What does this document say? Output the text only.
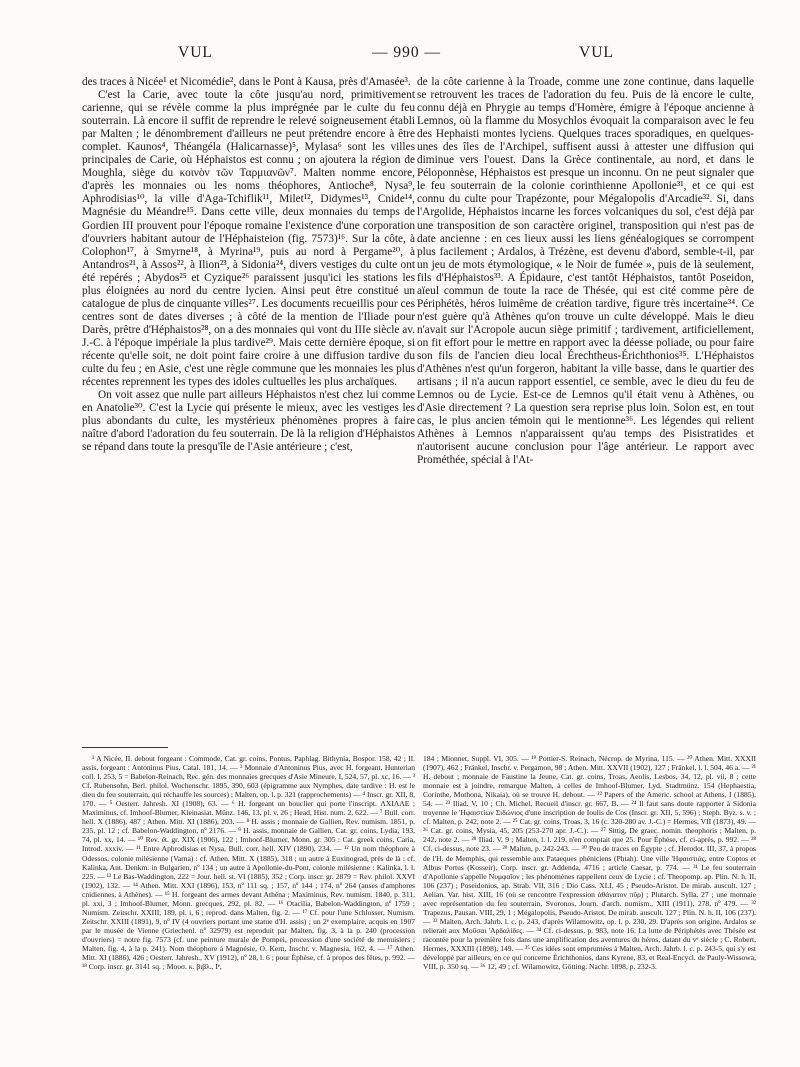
VUL	— 990 —	VUL

des traces à Nicée¹ et Nicomédie², dans le Pont à Kausa, près d'Amasée³.

C'est la Carie, avec toute la côte jusqu'au nord, primitivement carienne, qui se révèle comme la plus imprégnée par le culte du feu souterrain. Là encore il suffit de reprendre le relevé soigneusement établi par Malten ; le dénombrement d'ailleurs ne peut prétendre encore à être complet. Kaunos⁴, Théangéla (Halicarnasse)⁵, Mylasa⁶ sont les villes principales de Carie, où Héphaistos est connu ; on ajoutera la région de Moughla, siège du κοινὸν τῶν Ταρμιανῶν⁷. Malten nomme encore, d'après les monnaies ou les noms théophores, Antioche⁸, Nysa⁹, Aphrodisias¹⁰, la ville d'Aga-Tchiflik¹¹, Milet¹², Didymes¹³, Cnide¹⁴, Magnésie du Méandre¹⁵. Dans cette ville, deux monnaies du temps de Gordien III prouvent pour l'époque romaine l'existence d'une corporation d'ouvriers habitant autour de l'Héphaisteion (fig. 7573)¹⁶. Sur la côte, à Colophon¹⁷, à Smyrne¹⁸, à Myrina¹⁹, puis au nord à Pergame²⁰, à Antandros²¹, à Assos²², à Ilion²³, à Sidonia²⁴, divers vestiges du culte ont été repérés ; Abydos²⁵ et Cyzique²⁶ paraissent jusqu'ici les stations les plus éloignées au nord du centre lycien. Ainsi peut être constitué un catalogue de plus de cinquante villes²⁷. Les documents recueillis pour ces centres sont de dates diverses ; à côté de la mention de l'Iliade pour Darès, prêtre d'Héphaistos²⁸, on a des monnaies qui vont du IIIe siècle av. J.-C. à l'époque impériale la plus tardive²⁹. Mais cette dernière époque, si récente qu'elle soit, ne doit point faire croire à une diffusion tardive du culte du feu ; en Asie, c'est une règle commune que les monnaies les plus récentes reprennent les types des idoles cultuelles les plus archaïques.

On voit assez que nulle part ailleurs Héphaistos n'est chez lui comme en Anatolie³⁰. C'est la Lycie qui présente le mieux, avec les vestiges les plus abondants du culte, les mystérieux phénomènes propres à faire naître d'abord l'adoration du feu souterrain. De là la religion d'Héphaistos se répand dans toute la presqu'île de l'Asie antérieure ; c'est,

de la côte carienne à la Troade, comme une zone continue, dans laquelle se retrouvent les traces de l'adoration du feu. Puis de là encore le culte, connu déjà en Phrygie au temps d'Homère, émigre à l'époque ancienne à Lemnos, où la flamme du Mosychlos évoquait la comparaison avec le feu des Hephaisti montes lyciens. Quelques traces sporadiques, en quelques-unes des îles de l'Archipel, suffisent aussi à attester une diffusion qui diminue vers l'ouest. Dans la Grèce continentale, au nord, et dans le Péloponnèse, Héphaistos est presque un inconnu. On ne peut signaler que le feu souterrain de la colonie corinthienne Apollonie³¹, et ce qui est connu du culte pour Trapézonte, pour Mégalopolis d'Arcadie³². Si, dans l'Argolide, Héphaistos incarne les forces volcaniques du sol, c'est déjà par une transposition de son caractère originel, transposition qui n'est pas de date ancienne : en ces lieux aussi les liens généalogiques se corrompent plus facilement ; Ardalos, à Trézène, est devenu d'abord, semble-t-il, par un jeu de mots étymologique, « le Noir de fumée », puis de là seulement, fils d'Héphaistos³³. A Épidaure, c'est tantôt Héphaistos, tantôt Poseidon, aïeul commun de toute la race de Thésée, qui est cité comme père de Périphétès, héros luimême de création tardive, figure très incertaine³⁴. Ce n'est guère qu'à Athènes qu'on trouve un culte développé. Mais le dieu n'avait sur l'Acropole aucun siège primitif ; tardivement, artificiellement, on fit effort pour le mettre en rapport avec la déesse poliade, ou pour faire son fils de l'ancien dieu local Érechtheus-Érichthonios³⁵. L'Héphaistos d'Athènes n'est qu'un forgeron, habitant la ville basse, dans le quartier des artisans ; il n'a aucun rapport essentiel, ce semble, avec le dieu du feu de Lemnos ou de Lycie. Est-ce de Lemnos qu'il était venu à Athènes, ou d'Asie directement ? La question sera reprise plus loin. Solon est, en tout cas, le plus ancien témoin qui le mentionne³⁶. Les légendes qui relient Athènes à Lemnos n'apparaissent qu'au temps des Pisistratides et n'autorisent aucune conclusion pour l'âge antérieur. Le rapport avec Prométhée, spécial à l'At-

¹ A Nicée, II. debout forgeant : Commode, Cat. gr. coins, Pontus, Paphlag. Bithynia, Bospor. 158, 42 ; II. assis, forgeant : Antoninus Pius, Catal. 181, 14. — ² Monnaie d'Antoninus Pius, avec H. forgeant, Hunterian coll. I, 253, 5 = Babelon-Reinach, Rec. gén. des monnaies grecques d'Asie Mineure, I, 524, 57, pl. xc, 16. — ³ Cf. Rubensohn, Berl. philol. Wochenschr. 1895, 390, 603 (épigramme aux Nymphes, date tardive : H. est le dieu du feu souterrain, qui réchauffe les sources) ; Malten, op. l. p. 321 (rapprochements) — ⁴ Inscr. gr. XII, 8, 170. — ⁵ Oesterr. Jahresh. XI (1908), 63. — ⁶ H. forgeant un bouclier qui porte l'inscript. ΛΧΙΛΛΕ ; Maximinus, cf. Imhoof-Blumer, Kleinasiat. Münz. 146, 13, pl. v, 26 ; Head, Hist. num. 2, 622. — ⁷ Bull. corr. hell. X (1886), 487 ; Athen. Mitt. XI (1886), 203. — ⁸ H. assis ; monnaie de Gallien, Rev. numism. 1851, p. 235, pl. 12 ; cf. Babelon-Waddington, nº 2176. — ⁹ H. assis, monnaie de Gallien, Cat. gr. coins, Lydia, 193, 74, pl. xx, 14. — ¹⁰ Rev. ét. gr. XIX (1906), 122 ; Imhoof-Blumer, Monn. gr. 305 : Cat. greek coins, Caria, Introd. xxxiv. — ¹¹ Entre Aphrodisias et Nysa, Bull. corr. hell. XIV (1890), 234. — ¹² Un nom théophore à Odessos, colonie milésienne (Varna) : cf. Athen. Mitt. X (1885), 318 ; un autre à Euxinograd, près de là : cf. Kalinka, Ant. Denkm. in Bulgarien, nº 134 ; un autre à Apollonie-du-Pont, colonie milésienne : Kalinka, l. l. 225. — ¹³ Le Bas-Waddington, 222 = Jour. hell. st. VI (1885), 352 ; Corp. inscr. gr. 2879 = Rev. philol. XXVI (1902), 132. — ¹⁴ Athen. Mitt. XXI (1896), 153, nº 111 sq. ; 157, nº 144 ; 174, nº 264 (anses d'amphores cnidiennes, à Athènes). — ¹⁵ H. forgeant des armes devant Athéna ; Maximinus, Rev. numism. 1840, p. 311, pl. xxi, 3 ; Imhoof-Blumer, Monn. grecques, 292, pl. 82. — ¹⁶ Otacilia, Babelon-Waddington, nº 1759 ; Numism. Zeitschr. XXIII, 189, pl. i, 6 ; reprod. dans Malten, fig. 2. — ¹⁷ Cf. pour l'une Schlosser, Numism. Zeitschr. XXIII (1891), 9, nº IV (4 ouvriers portant une statue d'H. assis) ; un 2ᵉ exemplaire, acquis en 1907 par le musée de Vienne (Griechenl. nº 32979) est reproduit par Malten, fig. 3, à la p. 240 (procession d'ouvriers) = notre fig. 7573 (cf. une peinture murale de Pompei, procession d'une société de menuisiers ; Malten, fig. 4, à la p. 241). Nom théophore à Magnésie, O. Kern, Inschr. v. Magnesia, 162, 4. — ¹⁷ Athen. Mitt. XI (1886), 426 ; Oesterr. Jahresh., XV (1912), nº 28, l. 6 ; pour Éphèse, cf. à propos des fêtes, p. 992. — ¹⁸ Corp. inscr. gr. 3141 sq. ; Μουσ. κ. βιβλ., Iᵉ,

184 ; Mionnet, Suppl. VI, 305. — ¹⁹ Pottier-S. Reinach, Nécrop. de Myrina, 115. — ²⁰ Athen. Mitt. XXXII (1907), 462 ; Fränkel, Inschr. v. Pergamon, 98 ; Athen. Mitt. XXVII (1902), 127 ; Fränkel, l. l. 504, 46 a. — ²¹ H. debout ; monnaie de Faustine la Jeune, Cat. gr. coins, Troas, Aeolis, Lesbos, 34, 12, pl. vii, 8 ; cette monnaie est à joindre, remarque Malten, à celles de Imhoof-Blumer, Lyd. Stadtmünz. 154 (Hephaestia, Corinthe, Mothona, Nikaia), où se trouve H. debout. — ²² Papers of the Americ. school at Athens, I (1885), 54. — ²³ Iliad. V, 10 ; Ch. Michel, Recueil d'inscr. gr. 667, B. — ²⁴ Il faut sans doute rapporter à Sidonia troyenne le 'Ηφαιστίων Σιδώνιος d'une inscription de Ioulis de Cos (Inscr. gr. XII, 5, 596) ; Steph. Byz. s. v. ; cf. Malten, p. 242, note 2. — ²⁵ Cat. gr. coins, Troas, 3, 16 (c. 320-280 av. J.-C.) = Hermes, VII (1873), 49. — ²⁶ Cat. gr. coins, Mysia, 45, 205 (253-270 apr. J.-C.). — ²⁷ Sittig, De graec. nomin. theophoris ; Malten, p. 242, note 2. — ²⁸ Iliad. V, 9 ; Malten, l. l. 219. n'en comptait que 25. Pour Éphèse, cf. ci-après, p. 992. — ²⁸ Cf. ci-dessus, note 23. — ²⁹ Malten, p. 242-243. — ³⁰ Peu de traces en Égypte ; cf. Herodot. III, 37, à propos de l'H. de Memphis, qui ressemble aux Pataeques phéniciens (Phtah). Une ville 'Ηφαιστιάς, entre Coptos et Albus Portus (Kosseir), Corp. inscr. gr. Addenda, 4716 ; article Caesar, p. 774. — ³¹ Le feu souterrain d'Apollonie s'appelle Νυμφαῖον ; les phénomènes rappellent ceux de Lycie ; cf. Theopomp. ap. Plin. N. h. II, 106 (237) ; Poseidonios, ap. Strab. VII, 316 ; Dio Cass. XLI, 45 ; Pseudo-Aristot. De mirab. auscult. 127 ; Aelian. Var. hist. XIII, 16 (où se rencontre l'expression ἀθάνατον πῦρ) ; Plutarch. Sylla, 27 ; une monnaie avec représentation du feu souterrain, Svoronos, Journ. d'arch. numism., XIII (1911), 278, nº 479. — ³² Trapezus, Pausan. VIII, 29, 1 ; Mégalopolis, Pseudo-Aristot. De mirab. auscult. 127 ; Plin. N. h. II, 106 (237). — ³³ Malten, Arch. Jahrb. l. c. p. 243, d'après Wilamowitz, op. l. p. 230, 29. D'après son origine, Ardalos se relierait aux Μοῦσαι 'Αρδαλίδες. — ³⁴ Cf. ci-dessus, p. 983, note 16. La lutte de Périphétès avec Thésée est racontée pour la première fois dans une amplification des aventures du héros, datant du vᵉ siècle ; C. Robert, Hermes, XXXIII (1898), 149. — ³⁵ Ces idées sont empruntées à Malten, Arch. Jahrb. l. c. p. 243-5, qui s'y est développé par ailleurs, en ce qui concerne Érichthonios, dans Kyrene, 83, et Real-Encycl. de Pauly-Wissowa, VIII, p. 350 sq. — ³⁶ 12, 49 ; cf. Wilamowitz, Götting. Nachr. 1898, p. 232-3.
